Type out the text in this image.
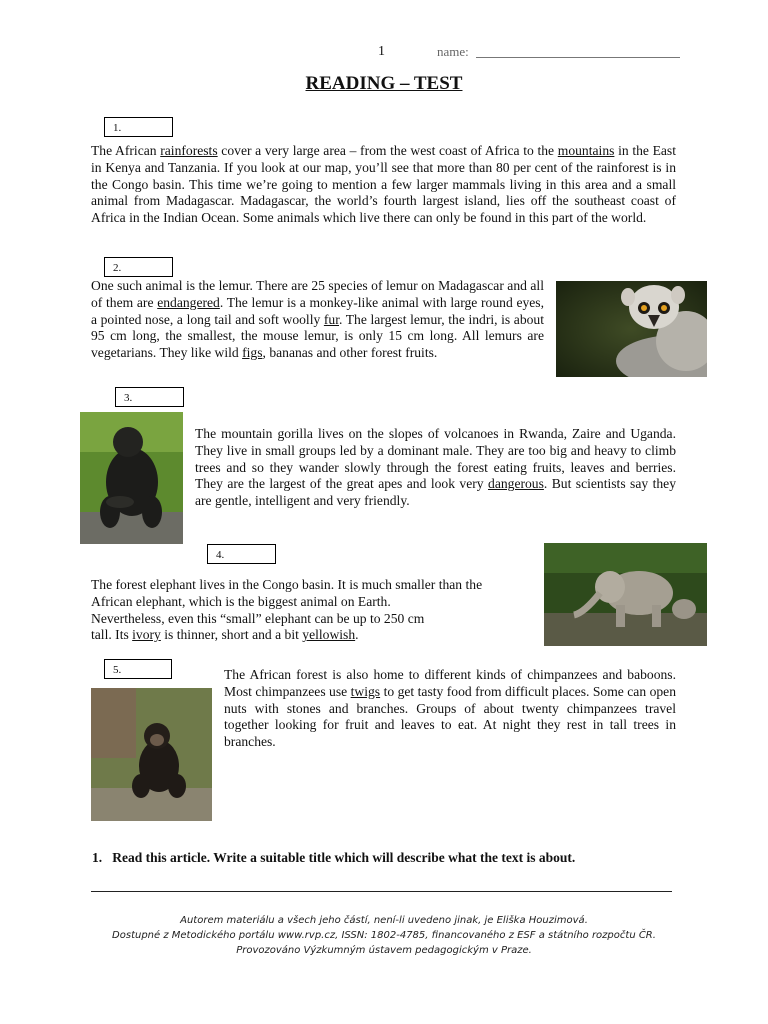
1	name:
READING – TEST
1.
The African rainforests cover a very large area – from the west coast of Africa to the mountains in the East in Kenya and Tanzania. If you look at our map, you’ll see that more than 80 per cent of the rainforest is in the Congo basin. This time we’re going to mention a few larger mammals living in this area and a small animal from Madagascar. Madagascar, the world’s fourth largest island, lies off the southeast coast of Africa in the Indian Ocean. Some animals which live there can only be found in this part of the world.
2.
One such animal is the lemur. There are 25 species of lemur on Madagascar and all of them are endangered. The lemur is a monkey-like animal with large round eyes, a pointed nose, a long tail and soft woolly fur. The largest lemur, the indri, is about 95 cm long, the smallest, the mouse lemur, is only 15 cm long. All lemurs are vegetarians. They like wild figs, bananas and other forest fruits.
3.
The mountain gorilla lives on the slopes of volcanoes in Rwanda, Zaire and Uganda. They live in small groups led by a dominant male. They are too big and heavy to climb trees and so they wander slowly through the forest eating fruits, leaves and berries. They are the largest of the great apes and look very dangerous. But scientists say they are gentle, intelligent and very friendly.
4.
The forest elephant lives in the Congo basin. It is much smaller than the
African elephant, which is the biggest animal on Earth.
Nevertheless, even this “small” elephant can be up to 250 cm
tall. Its ivory is thinner, short and a bit yellowish.
5.	The African forest is also home to different kinds of chimpanzees and baboons. Most chimpanzees use twigs to get tasty food from difficult places. Some can open nuts with stones and branches. Groups of about twenty chimpanzees travel together looking for fruit and leaves to eat. At night they rest in tall trees in branches.
1.   Read this article. Write a suitable title which will describe what the text is about.
Autorem materiálu a všech jeho částí, není-li uvedeno jinak, je Eliška Houzimová.
Dostupné z Metodického portálu www.rvp.cz, ISSN: 1802-4785, financovaného z ESF a státního rozpočtu ČR.
Provozováno Výzkumným ústavem pedagogickým v Praze.
